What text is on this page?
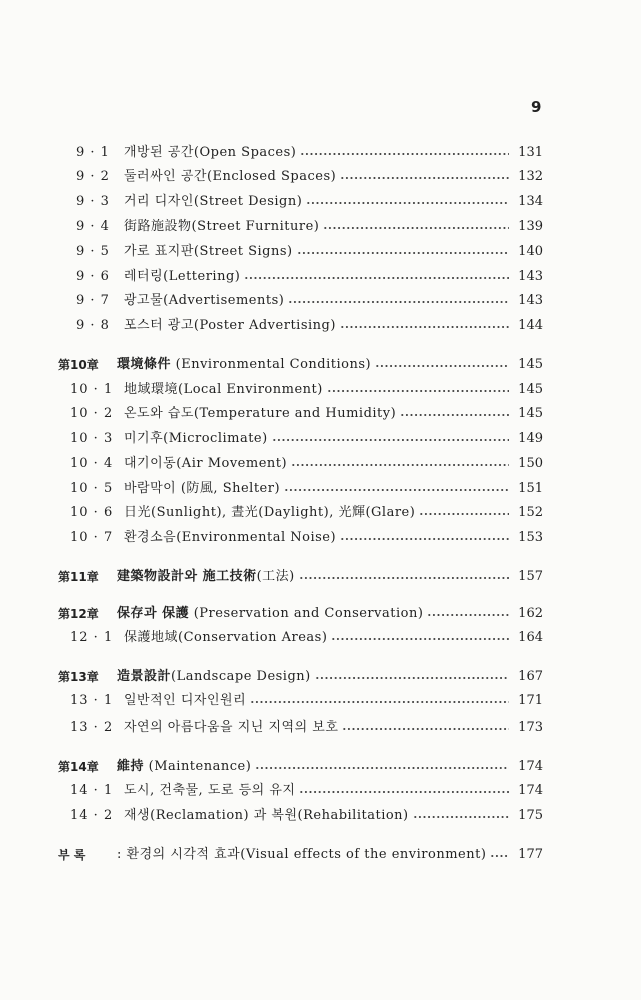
9
9 · 1	개방된 공간(Open Spaces)	131
9 · 2	둘러싸인 공간(Enclosed Spaces)	132
9 · 3	거리 디자인(Street Design)	134
9 · 4	街路施設物(Street Furniture)	139
9 · 5	가로 표지판(Street Signs)	140
9 · 6	레터링(Lettering)	143
9 · 7	광고물(Advertisements)	143
9 · 8	포스터 광고(Poster Advertising)	144
第10章 環境條件 (Environmental Conditions)	145
10 · 1 地域環境(Local Environment)	145
10 · 2 온도와 습도(Temperature and Humidity)	145
10 · 3 미기후(Microclimate)	149
10 · 4 대기이동(Air Movement)	150
10 · 5 바람막이 (防風, Shelter)	151
10 · 6 日光(Sunlight), 晝光(Daylight), 光輝(Glare)	152
10 · 7 환경소음(Environmental Noise)	153
第11章 建築物設計와 施工技術(工法)	157
第12章 保存과 保護 (Preservation and Conservation)	162
12 · 1 保護地域(Conservation Areas)	164
第13章 造景設計(Landscape Design)	167
13 · 1 일반적인 디자인원리	171
13 · 2 자연의 아름다움을 지닌 지역의 보호	173
第14章 維持 (Maintenance)	174
14 · 1 도시, 건축물, 도로 등의 유지	174
14 · 2 재생(Reclamation) 과 복원(Rehabilitation)	175
부 록 : 환경의 시각적 효과(Visual effects of the environment) 177
